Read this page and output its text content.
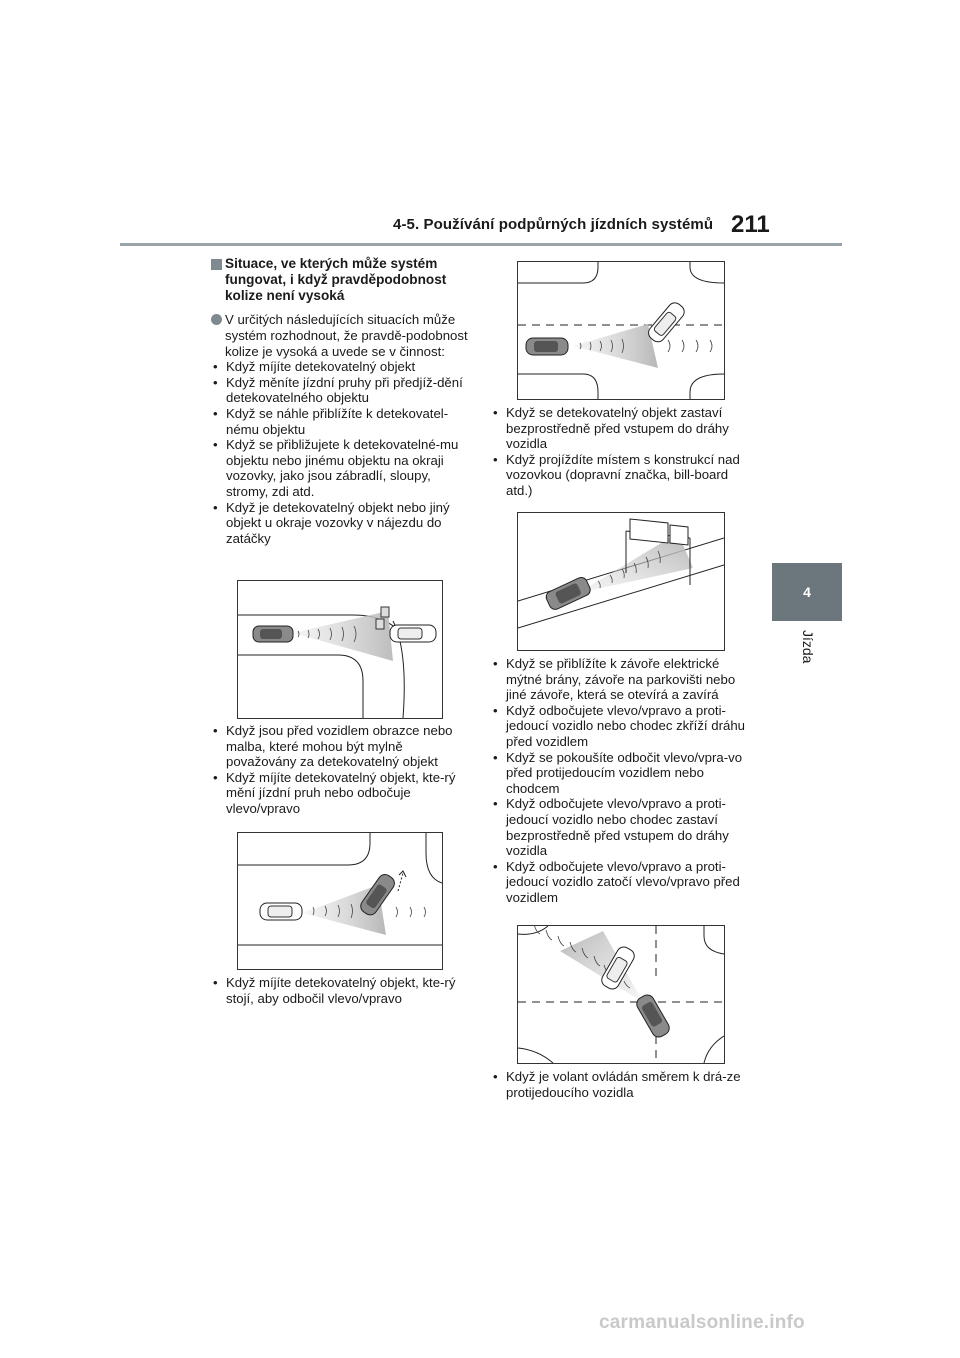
4-5. Používání podpůrných jízdních systémů 211
4
Jízda
Situace, ve kterých může systém fungovat, i když pravděpodobnost kolize není vysoká
V určitých následujících situacích může systém rozhodnout, že pravdě-podobnost kolize je vysoká a uvede se v činnost:
• Když míjíte detekovatelný objekt
• Když měníte jízdní pruhy při předjíž-dění detekovatelného objektu
• Když se náhle přiblížíte k detekovatel-nému objektu
• Když se přibližujete k detekovatelné-mu objektu nebo jinému objektu na okraji vozovky, jako jsou zábradlí, sloupy, stromy, zdi atd.
• Když je detekovatelný objekt nebo jiný objekt u okraje vozovky v nájezdu do zatáčky
• Když jsou před vozidlem obrazce nebo malba, které mohou být mylně považovány za detekovatelný objekt
• Když míjíte detekovatelný objekt, kte-rý mění jízdní pruh nebo odbočuje vlevo/vpravo
• Když míjíte detekovatelný objekt, kte-rý stojí, aby odbočil vlevo/vpravo
• Když se detekovatelný objekt zastaví bezprostředně před vstupem do dráhy vozidla
• Když projíždíte místem s konstrukcí nad vozovkou (dopravní značka, bill-board atd.)
• Když se přiblížíte k závoře elektrické mýtné brány, závoře na parkovišti nebo jiné závoře, která se otevírá a zavírá
• Když odbočujete vlevo/vpravo a proti-jedoucí vozidlo nebo chodec zkříží dráhu před vozidlem
• Když se pokoušíte odbočit vlevo/vpra-vo před protijedoucím vozidlem nebo chodcem
• Když odbočujete vlevo/vpravo a proti-jedoucí vozidlo nebo chodec zastaví bezprostředně před vstupem do dráhy vozidla
• Když odbočujete vlevo/vpravo a proti-jedoucí vozidlo zatočí vlevo/vpravo před vozidlem
• Když je volant ovládán směrem k drá-ze protijedoucího vozidla
carmanualsonline.info
